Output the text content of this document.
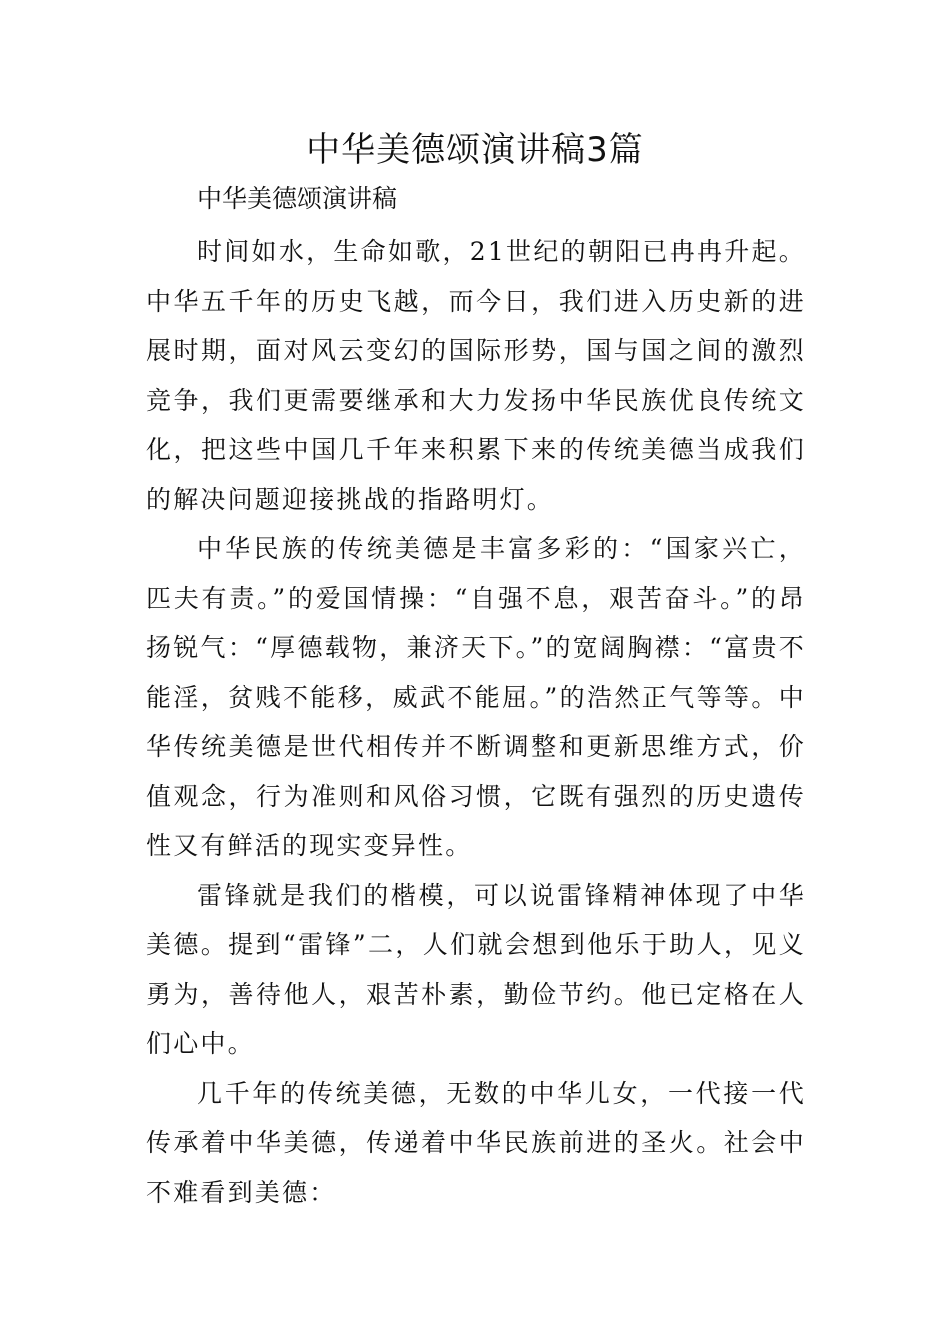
中华美德颂演讲稿3篇
中华美德颂演讲稿

时间如水，生命如歌，21世纪的朝阳已冉冉升起。中华五千年的历史飞越，而今日，我们进入历史新的进展时期，面对风云变幻的国际形势，国与国之间的激烈竞争，我们更需要继承和大力发扬中华民族优良传统文化，把这些中国几千年来积累下来的传统美德当成我们的解决问题迎接挑战的指路明灯。

中华民族的传统美德是丰富多彩的：“国家兴亡，匹夫有责。”的爱国情操：“自强不息，艰苦奋斗。”的昂扬锐气：“厚德载物，兼济天下。”的宽阔胸襟：“富贵不能淫，贫贱不能移，威武不能屈。”的浩然正气等等。中华传统美德是世代相传并不断调整和更新思维方式，价值观念，行为准则和风俗习惯，它既有强烈的历史遗传性又有鲜活的现实变异性。

雷锋就是我们的楷模，可以说雷锋精神体现了中华美德。提到“雷锋”二，人们就会想到他乐于助人，见义勇为，善待他人，艰苦朴素，勤俭节约。他已定格在人们心中。

几千年的传统美德，无数的中华儿女，一代接一代传承着中华美德，传递着中华民族前进的圣火。社会中不难看到美德：
